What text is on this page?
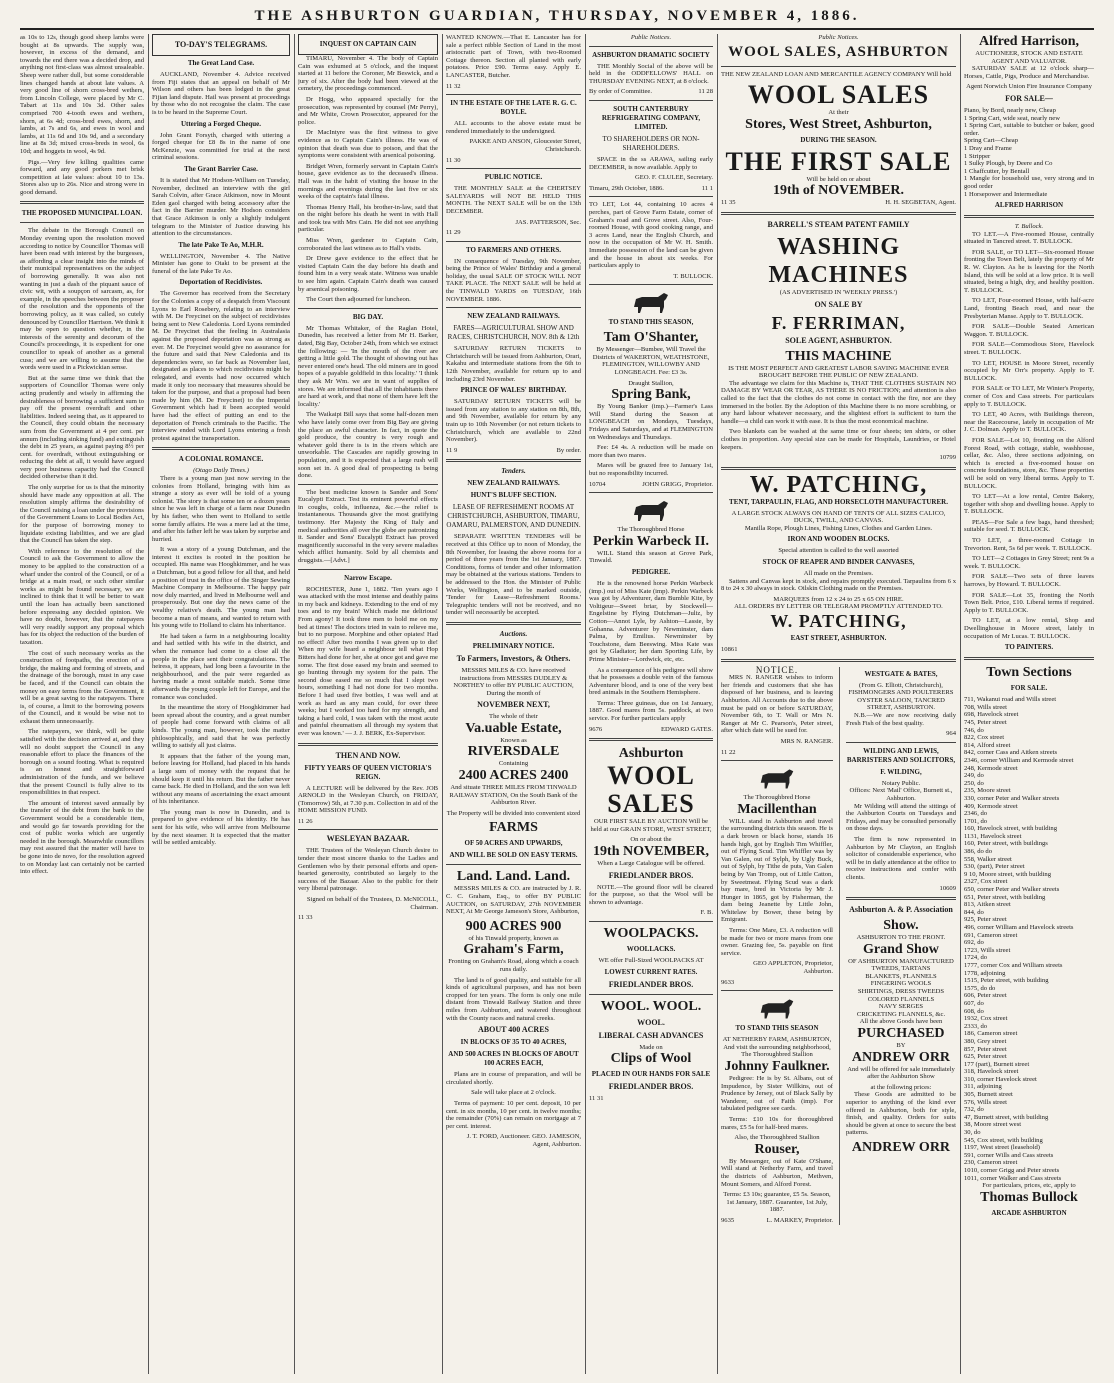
THE ASHBURTON GUARDIAN, THURSDAY, NOVEMBER 4, 1886.

as 10s to 12s, though good sheep lambs were bought at 8s upwards. The supply was, however, in excess of the demand, and towards the end there was a decided drop, and anything not first-class was almost unsaleable. Sheep were rather dull, but some considerable lines changed hands at about late values. A very good line of shorn cross-bred wethers, from Lincoln College, were placed by Mr C. Tabart at 11s and 10s 3d. Other sales comprised 700 4-tooth ewes and wethers, shorn, at 6s 4d; cross-bred ewes, shorn, and lambs, at 7s and 6s, and ewes in wool and lambs, at 11s 6d and 10s 9d, and a secondary line at 8s 3d; mixed cross-breds in wool, 6s 10d; and hoggets in wool, 4s 9d.

Pigs.—Very few killing qualities came forward, and any good porkers met brisk competition at late values: about 10 to 13s. Stores also up to 26s. Nice and strong were in good demand.

THE PROPOSED MUNICIPAL LOAN.

The debate in the Borough Council on Monday evening upon the resolution moved according to notice by Councillor Thomas will have been read with interest by the burgesses, as affording a clear insight into the minds of their municipal representatives on the subject of borrowing generally. It was also not wanting in just a dash of the piquant sauce of civic wit, with a soupçon of sarcasm, as, for example, in the speeches between the proposer of the resolution and the opponents of the borrowing policy, as it was called, so cutely denounced by Councillor Harrison. We think it may be open to question whether, in the interests of the serenity and decorum of the Council's proceedings, it is expedient for one councillor to speak of another as a general cuss; and we are willing to assume that the words were used in a Pickwickian sense.

But at the same time we think that the supporters of Councillor Thomas were only acting prudently and wisely in affirming the desirableness of borrowing a sufficient sum to pay off the present overdraft and other liabilities. Indeed seeing that, as it appeared to the Council, they could obtain the necessary sum from the Government at 4 per cent. per annum (including sinking fund) and extinguish the debt in 25 years, as against paying 8½ per cent. for overdraft, without extinguishing or reducing the debt at all, it would have argued very poor business capacity had the Council decided otherwise than it did.

The only surprise for us is that the minority should have made any opposition at all. The resolution simply affirms the desirability of the Council raising a loan under the provisions of the Government Loans to Local Bodies Act, for the purpose of borrowing money to liquidate existing liabilities, and we are glad that the Council has taken the step.

With reference to the resolution of the Council to ask the Government to allow the money to be applied to the construction of a wharf under the control of the Council, or of a bridge at a main road, or such other similar works as might be found necessary, we are inclined to think that it will be better to wait until the loan has actually been sanctioned before expressing any decided opinion. We have no doubt, however, that the ratepayers will very readily support any proposal which has for its object the reduction of the burden of taxation.

The cost of such necessary works as the construction of footpaths, the erection of a bridge, the making and forming of streets, and the drainage of the borough, must in any case be faced, and if the Council can obtain the money on easy terms from the Government, it will be a great saving to the ratepayers. There is, of course, a limit to the borrowing powers of the Council, and it would be wise not to exhaust them unnecessarily.

The ratepayers, we think, will be quite satisfied with the decision arrived at, and they will no doubt support the Council in any reasonable effort to place the finances of the borough on a sound footing. What is required is an honest and straightforward administration of the funds, and we believe that the present Council is fully alive to its responsibilities in that respect.

The amount of interest saved annually by the transfer of the debt from the bank to the Government would be a considerable item, and would go far towards providing for the cost of public works which are urgently needed in the borough. Meanwhile councillors may rest assured that the matter will have to be gone into de novo, for the resolution agreed to on Monday last can certainly not be carried into effect.

TO-DAY'S TELEGRAMS.
The Great Land Case.

AUCKLAND, November 4. Advice received from Fiji states that an appeal on behalf of Mr Wilson and others has been lodged in the great Fijian land dispute. Hail was present at proceedings by those who do not recognise the claim. The case is to be heard in the Supreme Court.

Uttering a Forged Cheque.

John Grant Forsyth, charged with uttering a forged cheque for £8 8s in the name of one McKenzie, was committed for trial at the next criminal sessions.

The Grant Barrier Case.

It is stated that Mr Hodson-William on Tuesday, November, declined an interview with the girl Sarah Colvin, after Grace Atkinson, now in Mount Eden gaol charged with being accessory after the fact in the Barrier murder. Mr Hodson considers that Grace Atkinson is only a slightly indulgent telegram to the Minister of Justice drawing his attention to the circumstances.

The late Pake Te Ao, M.H.R.

WELLINGTON, November 4. The Native Minister has gone to Otaki to be present at the funeral of the late Pake Te Ao.

Deportation of Recidivistes.

The Governor has received from the Secretary for the Colonies a copy of a despatch from Viscount Lyons to Earl Rosebery, relating to an interview with M. De Freycinet on the subject of recidivistes being sent to New Caledonia. Lord Lyons reminded M. De Freycinet that the feeling in Australasia against the proposed deportation was as strong as ever. M. De Freycinet would give no assurance for the future and said that New Caledonia and its dependencies were, so far back as November last, designated as places to which recidivistes might be relegated, and events had now occurred which made it only too necessary that measures should be taken for the purpose, and that a proposal had been made by him (M. De Freycinet) to the Imperial Government which had it been accepted would have had the effect of putting an end to the deportation of French criminals to the Pacific. The interview ended with Lord Lyons entering a fresh protest against the transportation.

A COLONIAL ROMANCE.
(Otago Daily Times.)

There is a young man just now serving in the colonies from Holland, bringing with him as strange a story as ever will be told of a young colonist. The story is that some ten or a dozen years since he was left in charge of a farm near Dunedin by his father, who then went to Holland to settle some family affairs. He was a mere lad at the time, and after his father left he was taken by surprise and hurried.

It was a story of a young Dutchman, and the interest it excites is rooted in the position he occupied. His name was Hooghkimmer, and he was a Dutchman, but a good fellow for all that, and held a position of trust in the office of the Singer Sewing Machine Company in Melbourne. The happy pair now duly married, and lived in Melbourne well and prosperously. But one day the news came of the wealthy relative's death. The young man had become a man of means, and wanted to return with his young wife to Holland to claim his inheritance.

He had taken a farm in a neighbouring locality and had settled with his wife in the district, and when the romance had come to a close all the people in the place sent their congratulations. The heiress, it appears, had long been a favourite in the neighbourhood, and the pair were regarded as having made a most suitable match. Some time afterwards the young couple left for Europe, and the romance was concluded.

In the meantime the story of Hooghkimmer had been spread about the country, and a great number of people had come forward with claims of all kinds. The young man, however, took the matter philosophically, and said that he was perfectly willing to satisfy all just claims.

It appears that the father of the young man, before leaving for Holland, had placed in his hands a large sum of money with the request that he should keep it until his return. But the father never came back. He died in Holland, and the son was left without any means of ascertaining the exact amount of his inheritance.

The young man is now in Dunedin, and is prepared to give evidence of his identity. He has sent for his wife, who will arrive from Melbourne by the next steamer. It is expected that the matter will be settled amicably.

INQUEST ON CAPTAIN CAIN

TIMARU, November 4. The body of Captain Cain was exhumed at 5 o'clock, and the inquest started at 11 before the Coroner, Mr Beswick, and a jury of six. After the body had been viewed at the cemetery, the proceedings commenced.

Dr Hogg, who appeared specially for the prosecution, was represented by counsel (Mr Perry), and Mr White, Crown Prosecutor, appeared for the police.

Dr MacIntyre was the first witness to give evidence as to Captain Cain's illness. He was of opinion that death was due to poison, and that the symptoms were consistent with arsenical poisoning.

Bridget Wren, formerly servant in Captain Cain's house, gave evidence as to the deceased's illness. Hall was in the habit of visiting the house in the mornings and evenings during the last five or six weeks of the captain's fatal illness.

Thomas Henry Hall, his brother-in-law, said that on the night before his death he went in with Hall and took tea with Mrs Cain. He did not see anything particular.

Miss Wren, gardener to Captain Cain, corroborated the last witness as to Hall's visits.

Dr Drew gave evidence to the effect that he visited Captain Cain the day before his death and found him in a very weak state. Witness was unable to see him again. Captain Cain's death was caused by arsenical poisoning.

The Court then adjourned for luncheon.

BIG DAY.

Mr Thomas Whitaker, of the Raglan Hotel, Dunedin, has received a letter from Mr H. Barker, dated, Big Bay, October 24th, from which we extract the following: — 'In the mouth of the river are getting a little gold. The thought of showing out has never entered one's head. The old miners are in good hopes of a payable goldfield in this locality.' 'I think they ask Mr Wm. we are in want of supplies of stores. We are informed that all the inhabitants there are hard at work, and that none of them have left the locality.'

The Waikaipi Bill says that some half-dozen men who have lately come over from Big Bay are giving the place an awful character. In fact, in quote the gold produce, the country is very rough and whatever gold there is is in the rivers which are unworkable. The Cascades are rapidly growing in population, and it is expected that a large rush will soon set in. A good deal of prospecting is being done.

The best medicine known is Sander and Sons' Eucalypti Extract. Test its eminent powerful effects in coughs, colds, influenza, &c.—the relief is instantaneous. Thousands give the most gratifying testimony. Her Majesty the King of Italy and medical authorities all over the globe are patronizing it. Sander and Sons' Eucalypti Extract has proved magnificently successful in the very severe maladies which afflict humanity. Sold by all chemists and druggists.—[Advt.]

Narrow Escape.

ROCHESTER, June 1, 1882. 'Ten years ago I was attacked with the most intense and deathly pains in my back and kidneys. Extending to the end of my toes and to my brain! Which made me delirious! From agony! It took three men to hold me on my bed at times! The doctors tried in vain to relieve me, but to no purpose. Morphine and other opiates! Had no effect! After two months I was given up to die! When my wife heard a neighbour tell what Hop Bitters had done for her, she at once got and gave me some. The first dose eased my brain and seemed to go hunting through my system for the pain. The second dose eased me so much that I slept two hours, something I had not done for two months. Before I had used five bottles, I was well and at work as hard as any man could, for over three weeks; but I worked too hard for my strength, and taking a hard cold, I was taken with the most acute and painful rheumatism all through my system that ever was known.' — J. J. BERK, Ex-Supervisor.

THEN AND NOW.
FIFTY YEARS OF QUEEN VICTORIA'S REIGN.

A LECTURE will be delivered by the Rev. JOB ARNOLD in the Wesleyan Church, on FRIDAY, (Tomorrow) 5th, at 7.30 p.m. Collection in aid of the HOME MISSION FUND.

11 26
WESLEYAN BAZAAR.

THE Trustees of the Wesleyan Church desire to tender their most sincere thanks to the Ladies and Gentlemen who by their personal efforts and open-hearted generosity, contributed so largely to the success of the Bazaar. Also to the public for their very liberal patronage.

Signed on behalf of the Trustees, D. McNICOLL, Chairman.

11 33

WANTED KNOWN.—That E. Lancaster has for sale a perfect nibble Section of Land in the most aristocratic part of Town, with two-Roomed Cottage thereon. Section all planted with early potatoes. Price £90. Terms easy. Apply E. LANCASTER, Butcher.

11 32
IN THE ESTATE OF THE LATE R. G. C. BOYLE.

ALL accounts to the above estate must be rendered immediately to the undersigned.

PAKKE AND ANSON, Gloucester Street, Christchurch.

11 30
PUBLIC NOTICE.

THE MONTHLY SALE at the CHERTSEY SALEYARDS will NOT BE HELD THIS MONTH. The NEXT SALE will be on the 13th DECEMBER.

JAS. PATTERSON, Sec.

11 29
TO FARMERS AND OTHERS.

IN consequence of Tuesday, 9th November, being the Prince of Wales' Birthday and a general holiday, the usual SALE OF STOCK WILL NOT TAKE PLACE. The NEXT SALE will be held at the TINWALD YARDS on TUESDAY, 16th NOVEMBER. 1886.

NEW ZEALAND RAILWAYS.
FARES—AGRICULTURAL SHOW AND RACES, CHRISTCHURCH, NOV. 8th & 12th

SATURDAY RETURN TICKETS to Christchurch will be issued from Ashburton, Orari, Kakahu and intermediate stations from the 6th to 12th November, available for return up to and including 23rd November.

PRINCE OF WALES' BIRTHDAY.

SATURDAY RETURN TICKETS will be issued from any station to any station on 8th, 8th, and 9th November, available for return by any train up to 10th November (or not return tickets to Christchurch, which are available to 22nd November).

11 9	By order.
Tenders.
NEW ZEALAND RAILWAYS.
HUNT'S BLUFF SECTION.
LEASE OF REFRESHMENT ROOMS AT CHRISTCHURCH, ASHBURTON, TIMARU, OAMARU, PALMERSTON, AND DUNEDIN.

SEPARATE WRITTEN TENDERS will be received at this Office up to noon of Monday, the 8th November, for leasing the above rooms for a period of three years from the 1st January, 1887. Conditions, forms of tender and other information may be obtained at the various stations. Tenders to be addressed to the Hon. the Minister of Public Works, Wellington, and to be marked outside, 'Tender for Lease—Refreshment Rooms.' Telegraphic tenders will not be received, and no tender will necessarily be accepted.

Auctions.
PRELIMINARY NOTICE.
To Farmers, Investors, & Others.

MESSRS MILES & CO. have received instructions from MESSRS DUDLEY & NORTHEY to offer BY PUBLIC AUCTION, During the month of

NOVEMBER NEXT,
The whole of their
Va.uable Estate,
Known as
RIVERSDALE
Containing
2400 ACRES 2400

And situate THREE MILES FROM TINWALD RAILWAY STATION, On the South Bank of the Ashburton River.

The Property will be divided into convenient sized

FARMS
OF 50 ACRES AND UPWARDS,
AND WILL BE SOLD ON EASY TERMS.
Land. Land. Land.

MESSRS MILES & CO. are instructed by J. R. C. C. Graham, Esq., to offer BY PUBLIC AUCTION, on SATURDAY, 27th NOVEMBER NEXT, At Mr George Jameson's Store, Ashburton,

900 ACRES 900
of his Tinwald property, known as
Graham's Farm,

Fronting on Graham's Road, along which a coach runs daily.

The land is of good quality, and suitable for all kinds of agricultural purposes, and has not been cropped for ten years. The form is only one mile distant from Tinwald Railway Station and three miles from Ashburton, and watered throughout with the County races and natural creeks.

ABOUT 400 ACRES
IN BLOCKS OF 35 TO 40 ACRES,
AND 500 ACRES IN BLOCKS OF ABOUT 100 ACRES EACH,

Plans are in course of preparation, and will be circulated shortly.

Sale will take place at 2 o'clock.

Terms of payment: 10 per cent. deposit, 10 per cent. in six months, 10 per cent. in twelve months; the remainder (70%) can remain on mortgage at 7 per cent. interest.

J. T. FORD, Auctioneer. GEO. JAMESON, Agent, Ashburton.

Public Notices.
ASHBURTON DRAMATIC SOCIETY

THE Monthly Social of the above will be held in the ODDFELLOWS' HALL on THURSDAY EVENING NEXT, at 8 o'clock.

By order of Committee.	11 28
SOUTH CANTERBURY REFRIGERATING COMPANY, LIMITED.
TO SHAREHOLDERS OR NON-SHAREHOLDERS.

SPACE in the ss ARAWA, sailing early DECEMBER, is now available. Apply to

GEO. F. CLULEE, Secretary.

Timaru, 29th October, 1886.	11 1

TO LET, Lot 44, containing 10 acres 4 perches, part of Grove Farm Estate, corner of Graham's road and Grove street. Also, Four-roomed House, with good cooking range, and 3 acres Land, near the English Church, and now in the occupation of Mr W. H. Smith. Immediate possession of the land can be given and the house in about six weeks. For particulars apply to

T. BULLOCK.

TO STAND THIS SEASON,
Tam O'Shanter,

By Messenger—Bumbee, Will Travel the Districts of WAKERTON, WEATHSTONE, FLEMINGTON, WILLOWBY AND LONGBEACH. Fee: £3 3s.

Draught Stallion,
Spring Bank,

By Young Banker (imp.)—Farmer's Lass Will Stand during the Season at LONGBEACH on Mondays, Tuesdays, Fridays and Saturdays, and at FLEMINGTON on Wednesdays and Thursdays.

Fee: £4 4s. A reduction will be made on more than two mares.

Mares will be grazed free to January 1st, but no responsibility incurred.

10704	JOHN GRIGG, Proprietor.
The Thoroughbred Horse
Perkin Warbeck II.

WILL Stand this season at Grove Park, Tinwald.

PEDIGREE.

He is the renowned horse Perkin Warbeck (imp.) out of Miss Kate (imp). Perkin Warbeck was got by Adventurer, dam Bumble Kite, by Voltigeur—Sweet briar, by Stockwell—Engelstine by Flying Dutchman—Juliz, by Cotton—Annot Lyle, by Ashton—Lassie, by Gohanna. Adventurer by Newminster, dam Palma, by Emilius. Newminster by Touchstone, dam Beeswing. Miss Kate was got by Gladiator; her dam Sporting Life, by Prime Minister—Lordwick, etc, etc.

As a consequence of his pedigree will show that he possesses a double vein of the famous Adventurer blood, and is one of the very best bred animals in the Southern Hemisphere.

Terms: Three guineas, due on 1st January, 1887. Good mares from 5s. paddock, at two service. For further particulars apply

9676	EDWARD GATES.
Ashburton
WOOL SALES

OUR FIRST SALE BY AUCTION Will be held at our GRAIN STORE, WEST STREET,

On or about the
19th NOVEMBER,
When a Large Catalogue will be offered.
FRIEDLANDER BROS.

NOTE.—The ground floor will be cleared for the purpose, so that the Wool will be shown to advantage.

F. B.

WOOLPACKS.
WOOLLACKS.
WE offer Full-Sized WOOLPACKS AT
LOWEST CURRENT RATES.
FRIEDLANDER BROS.
WOOL. WOOL.
WOOL.
LIBERAL CASH ADVANCES
Made on
Clips of Wool
PLACED IN OUR HANDS FOR SALE
FRIEDLANDER BROS.
11 31
Public Notices.
WOOL SALES, ASHBURTON

THE NEW ZEALAND LOAN AND MERCANTILE AGENCY COMPANY Will hold

WOOL SALES
At their
Stores, West Street, Ashburton,
DURING THE SEASON.
THE FIRST SALE
Will be held on or about
19th of NOVEMBER.
11 35	H. H. SEGBETAN, Agent.
BARRELL'S STEAM PATENT FAMILY
WASHING MACHINES
(AS ADVERTISED IN 'WEEKLY PRESS.')
ON SALE BY
F. FERRIMAN,
SOLE AGENT, ASHBURTON.
THIS MACHINE
IS THE MOST PERFECT AND GREATEST LABOR SAVING MACHINE EVER BROUGHT BEFORE THE PUBLIC OF NEW ZEALAND.

The advantage we claim for this Machine is, THAT THE CLOTHES SUSTAIN NO DAMAGE BY WEAR OR TEAR, AS THERE IS NO FRICTION; and attention is also called to the fact that the clothes do not come in contact with the fire, nor are they immersed in the boiler. By the Adoption of this Machine there is no more scrubbing, or any hard labour whatever necessary, and the slightest effort is sufficient to turn the handle—a child can work it with ease. It is thus the most economical machine.

Two blankets can be washed at the same time or four sheets; ten shirts, or other clothes in proportion. Any special size can be made for Hospitals, Laundries, or Hotel keepers.

10799
W. PATCHING,
TENT, TARPAULIN, FLAG, AND HORSECLOTH MANUFACTURER.
A LARGE STOCK ALWAYS ON HAND OF TENTS OF ALL SIZES CALICO, DUCK, TWILL, AND CANVAS.
Manilla Rope, Plough Lines, Fishing Lines, Clothes and Garden Lines.
IRON AND WOODEN BLOCKS.
Special attention is called to the well assorted
STOCK OF REAPER AND BINDER CANVASES,
All made on the Premises.

Sattens and Canvas kept in stock, and repairs promptly executed. Tarpaulins from 6 x 8 to 24 x 30 always in stock. Oilskin Clothing made on the Premises.

MARQUEES from 12 x 24 to 25 x 65 ON HIRE.
ALL ORDERS BY LETTER OR TELEGRAM PROMPTLY ATTENDED TO.
W. PATCHING,
EAST STREET, ASHBURTON.
10861
NOTICE.

MRS N. RANGER wishes to inform her friends and customers that she has disposed of her business, and is leaving Ashburton. All Accounts due to the above must be paid on or before SATURDAY, November 6th, to T. Wall or Mrs N. Ranger at Mr C. Pearson's, Peter street, after which date will be sued for.

MRS N. RANGER.

11 22
The Thoroughbred Horse
Macillenthan

WILL stand in Ashburton and travel the surrounding districts this season. He is a dark brown or black horse, stands 16 hands high, got by English Tim Whiffler, out of Flying Scud. Tim Whiffler was by Van Galen, out of Sylph, by Ugly Buck, out of Sylph, by Tithe de puts, Van Galen being by Van Tromp, out of Little Catton, by Sweetmeat. Flying Scud was a dark bay mare, bred in Victoria by Mr J. Hunger in 1865, got by Fisherman, the dam being Jeanette by Little John, Whitelaw by Bower, these being by Emigrant.

Terms: One Mare, £3. A reduction will be made for two or more mares from one owner. Grazing fee, 5s. payable on first service.

GEO APPLETON, Proprietor, Ashburton.

9633
TO STAND THIS SEASON
AT NETHERBY FARM, ASHBURTON, And visit the surrounding neighborhood, The Thoroughbred Stallion
Johnny Faulkner.

Pedigree: He is by St. Albans, out of Impudence, by Sister Willkins, out of Prudence by Jersey, out of Black Sally by Wanderer, out of Faith (imp). For tabulated pedigree see cards.

Terms: £10 10s for thoroughbred mares, £5 5s for half-bred mares.

Also, the Thoroughbred Stallion
Rouser,

By Messenger, out of Kate O'Shane, Will stand at Netherby Farm, and travel the districts of Ashburton, Methven, Mount Somers, and Alford Forest.

Terms: £3 10s; guarantee, £5 5s. Season, 1st January, 1887. Guarantee, 1st July, 1887.

9635	L. MARKEY, Proprietor.
WESTGATE & BATES,
(From G. Elliott, Christchurch),
FISHMONGERS AND POULTERERS OYSTER SALOON, TANCRED STREET, ASHBURTON.

N.B.—We are now receiving daily Fresh Fish of the best quality.

964
WILDING AND LEWIS, BARRISTERS AND SOLICITORS,
F. WILDING,
Notary Public.
Offices: Next 'Mail' Office, Burnett st., Ashburton.

Mr Wilding will attend the sittings of the Ashburton Courts on Tuesdays and Fridays, and may be consulted personally on those days.

The firm is now represented in Ashburton by Mr Clayton, an English solicitor of considerable experience, who will be in daily attendance at the office to receive instructions and confer with clients.

10609
Ashburton A. & P. Association
Show.
ASHBURTON TO THE FRONT.
Grand Show
OF ASHBURTON MANUFACTURED
TWEEDS, TARTANS
BLANKETS, FLANNELS
FINGERING WOOLS
SHIRTINGS, DRESS TWEEDS
COLORED FLANNELS
NAVY SERGES
CRICKETING FLANNELS, &c.
All the above Goods have been
PURCHASED
BY
ANDREW ORR

And will be offered for sale immediately after the Ashburton Show

at the following prices:

These Goods are admitted to be superior to anything of the kind ever offered in Ashburton, both for style, finish, and quality. Orders for suits should be given at once to secure the best patterns.

ANDREW ORR
Alfred Harrison,
AUCTIONEER, STOCK AND ESTATE AGENT AND VALUATOR.

SATURDAY SALE at 12 o'clock sharp—Horses, Cattle, Pigs, Produce and Merchandise.

Agent Norwich Union Fire Insurance Company
FOR SALE—
Piano, by Bord, nearly new, Cheap
1 Spring Cart, wide seat, nearly new
1 Spring Cart, suitable to butcher or baker, good order.
Spring Cart—Cheap
1 Dray and Frame
1 Stripper
1 Sulky Plough, by Deere and Co
1 Chaffcutter, by Bentall
1 Mangle for household use, very strong and in good order
1 Horsepower and Intermediate
ALFRED HARRISON
T. Bullock.

TO LET.—A Five-roomed House, centrally situated in Tancred street. T. BULLOCK.

FOR SALE, or TO LET—Six-roomed House fronting the Town Belt, lately the property of Mr R. W. Clayton. As he is leaving for the North Island, this will be sold at a low price. It is well situated, being a high, dry, and healthy position. T. BULLOCK.

TO LET, Four-roomed House, with half-acre Land, fronting Beach road, and near the Presbyterian Manse. Apply to T. BULLOCK.

FOR SALE—Double Seated American Waggon. T. BULLOCK.

FOR SALE—Commodious Store, Havelock street. T. BULLOCK.

TO LET, HOUSE in Moore Street, recently occupied by Mr Orr's property. Apply to T. BULLOCK.

FOR SALE or TO LET, Mr Winter's Property, corner of Cox and Cass streets. For particulars apply to T. BULLOCK.

TO LET, 40 Acres, with Buildings thereon, near the Racecourse, lately in occupation of Mr J. C. Dolman. Apply to T. BULLOCK.

FOR SALE—Lot 10, fronting on the Alford Forest Road, with cottage, stable, washhouse, cellar, &c. Also, three sections adjoining, on which is erected a five-roomed house on concrete foundations, store, &c. These properties will be sold on very liberal terms. Apply to T. BULLOCK.

TO LET—At a low rental, Centre Bakery, together with shop and dwelling house. Apply to T. BULLOCK.

PEAS—For Sale a few bags, hand threshed; suitable for seed. T. BULLOCK.

TO LET, a three-roomed Cottage in Trevorton. Rent, 5s 6d per week. T. BULLOCK.

TO LET—2 Cottages in Grey Street; rent 9s a week. T. BULLOCK.

FOR SALE—Two sets of three leaves harrows, by Howard. T. BULLOCK.

FOR SALE—Lot 35, fronting the North Town Belt. Price, £10. Liberal terms if required. Apply to T. BULLOCK.

TO LET, at a low rental, Shop and Dwellinghouse in Moore street, lately in occupation of Mr Lucas. T. BULLOCK.

TO PAINTERS.
Town Sections
FOR SALE.
711, Wakanui road and Wills street
708, Wills street
698, Havelock street
745, Peter street
746, do
822, Cox street
814, Alford street
842, corner Cass and Aitken streets
2346, corner William and Kermode street
248, Kermode street
249, do
250, do
235, Moore street
330, corner Peter and Walker streets
409, Kermode street
2346, do
1701, do
160, Havelock street, with building
1131, Havelock street
160, Peter street, with buildings
386, do do
558, Walker street
530, (part), Peter street
9 10, Moore street, with building
2327, Cox street
650, corner Peter and Walker streets
651, Peter street, with building
813, Aitken street
844, do
925, Peter street
496, corner William and Havelock streets
691, Cameron street
692, do
1723, Wills street
1724, do
1777, corner Cox and William streets
1778, adjoining
1515, Peter street, with building
1575, do do
606, Peter street
607, do
608, do
1932, Cox street
2333, do
186, Cameron street
380, Grey street
857, Peter street
625, Peter street
177 (part), Burnett street
318, Havelock street
310, corner Havelock street
311, adjoining
305, Burnett street
576, Wills street
732, do
47, Burnett street, with building
38, Moore street west
30, do
545, Cox street, with building
1197, West street (leasehold)
591, corner Wills and Cass streets
230, Cameron street
1010, corner Grigg and Peter streets
1011, corner Walker and Cass streets
For particulars, prices, etc, apply to
Thomas Bullock
ARCADE ASHBURTON
